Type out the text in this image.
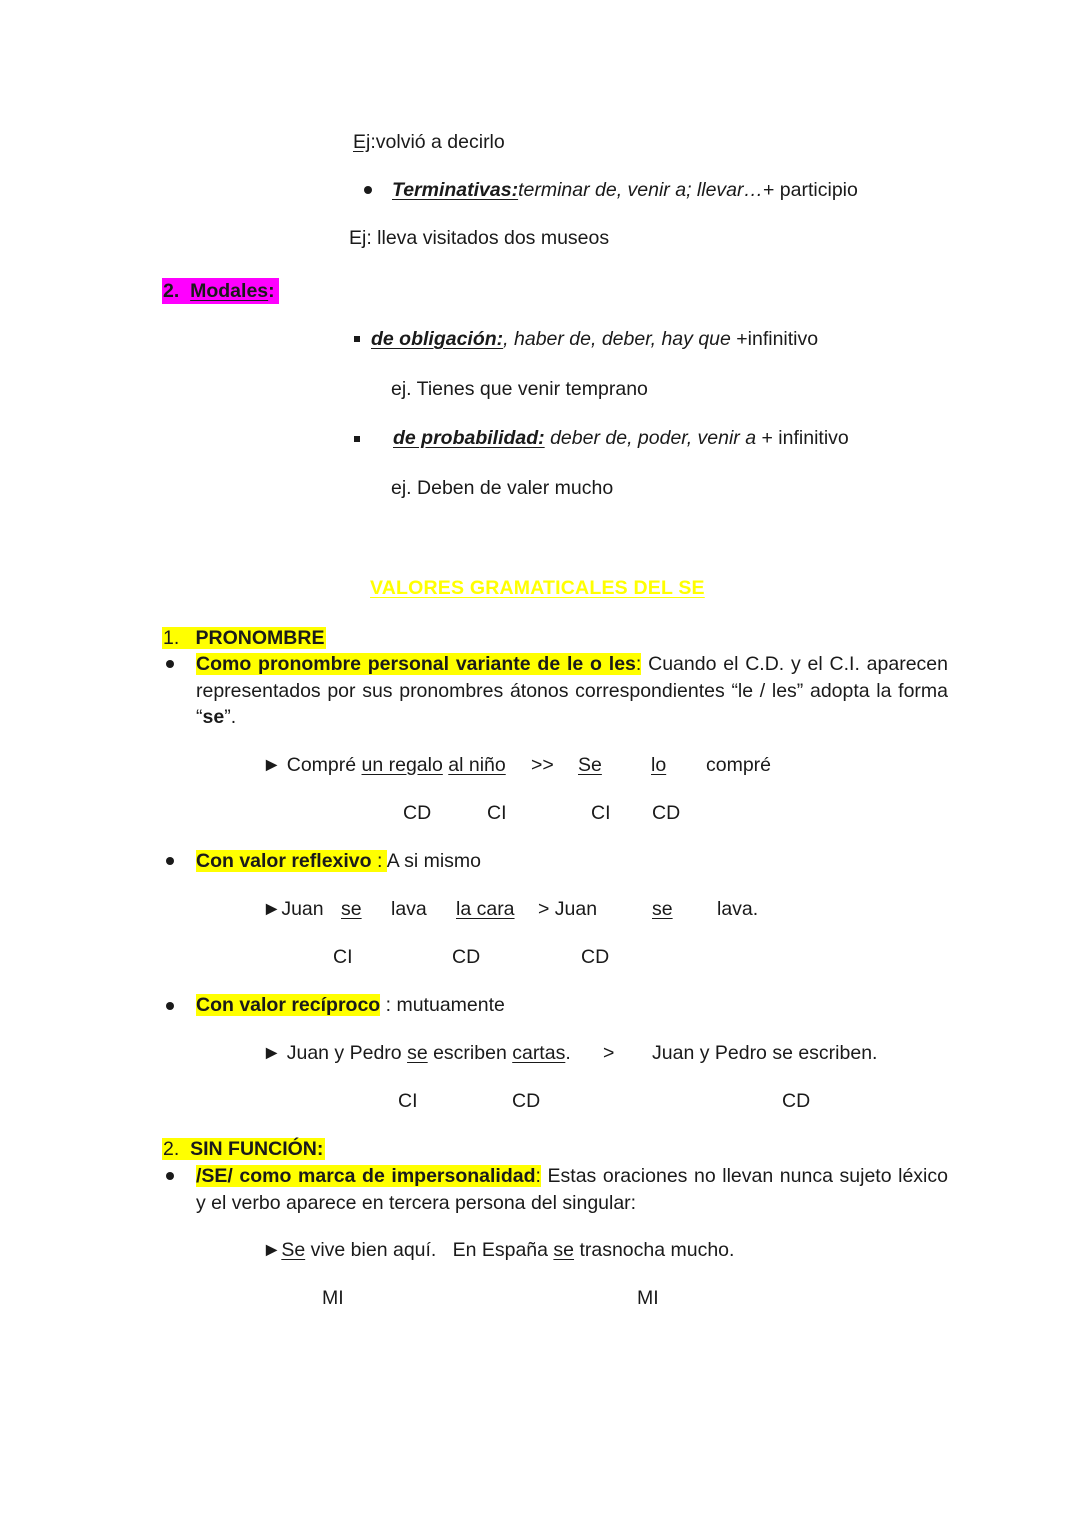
Ej:volvió a decirlo
Terminativas:terminar de, venir a; llevar…+ participio
Ej: lleva visitados dos museos
2. Modales:
de obligación:, haber de, deber, hay que +infinitivo
ej. Tienes que venir temprano
de probabilidad: deber de, poder, venir a + infinitivo
ej. Deben de valer mucho
VALORES GRAMATICALES DEL SE
1. PRONOMBRE
Como pronombre personal variante de le o les: Cuando el C.D. y el C.I. aparecen representados por sus pronombres átonos correspondientes “le / les” adopta la forma “se”.
► Compré un regalo al niño >> Se	lo compré
CD	CI	CI CD
Con valor reflexivo : A si mismo
►Juan se lava la cara > Juan	se lava.
CI	CD	CD
Con valor recíproco : mutuamente
► Juan y Pedro se escriben cartas. > Juan y Pedro se escriben.
CI	CD	CD
2. SIN FUNCIÓN:
/SE/ como marca de impersonalidad: Estas oraciones no llevan nunca sujeto léxico y el verbo aparece en tercera persona del singular:
►Se vive bien aquí.   En España se trasnocha mucho.
MI	MI
